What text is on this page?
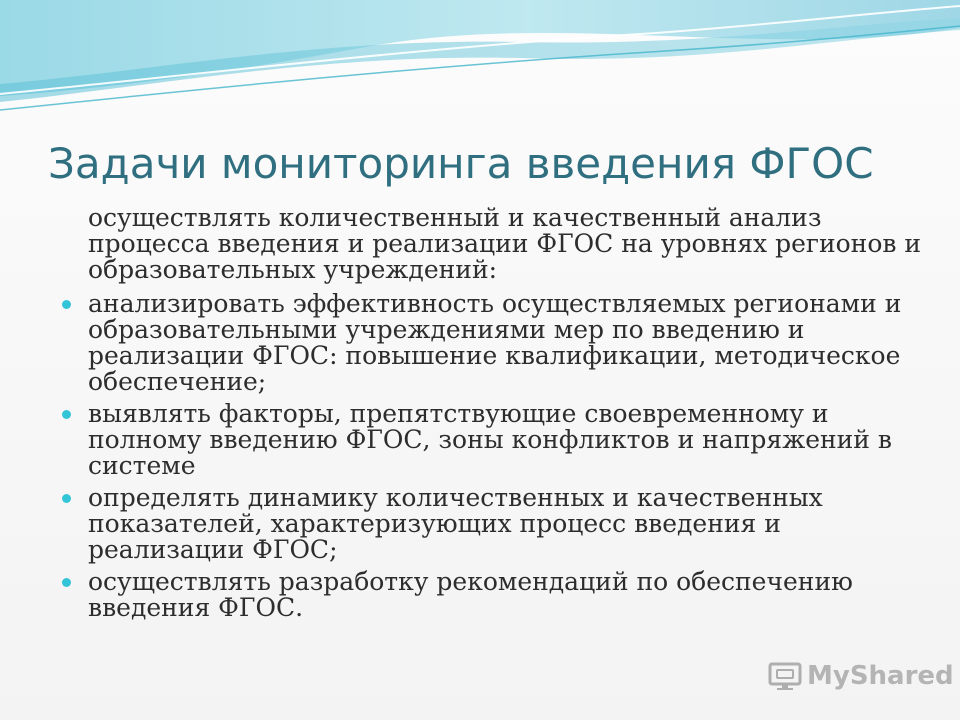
Задачи мониторинга введения ФГОС
осуществлять количественный и качественный анализ процесса введения и реализации ФГОС на уровнях регионов и образовательных учреждений:
анализировать эффективность осуществляемых регионами и образовательными учреждениями мер по введению и реализации ФГОС: повышение квалификации, методическое обеспечение;
выявлять факторы, препятствующие своевременному и полному введению ФГОС, зоны конфликтов и напряжений в системе
определять динамику количественных и качественных показателей, характеризующих процесс введения и реализации ФГОС;
осуществлять разработку рекомендаций по обеспечению введения ФГОС.
MyShared
